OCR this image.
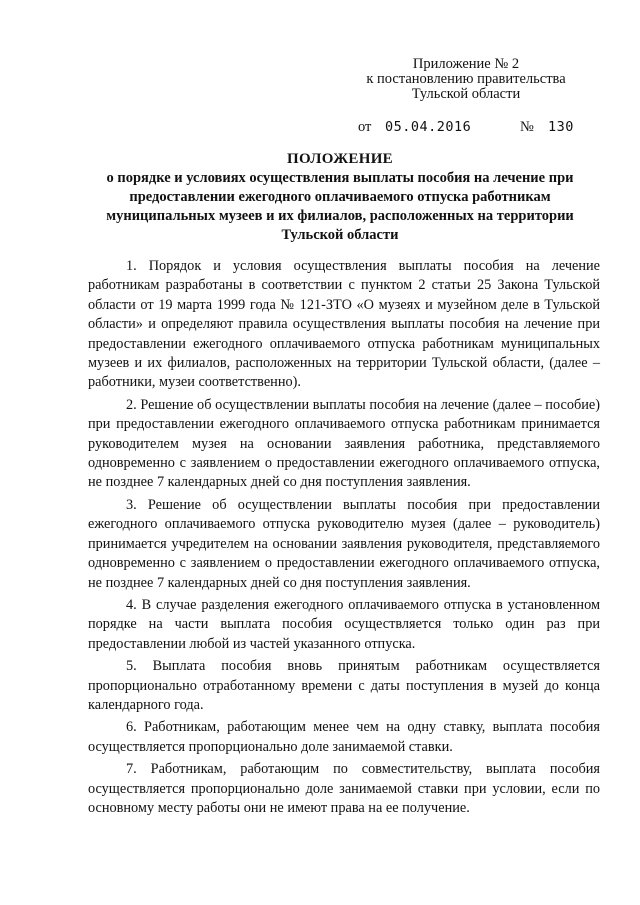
Приложение № 2
к постановлению правительства
Тульской области
от 05.04.2016	№ 130
ПОЛОЖЕНИЕ
о порядке и условиях осуществления выплаты пособия на лечение при
предоставлении ежегодного оплачиваемого отпуска работникам
муниципальных музеев и их филиалов, расположенных на территории
Тульской области

1. Порядок и условия осуществления выплаты пособия на лечение работникам разработаны в соответствии с пунктом 2 статьи 25 Закона Тульской области от 19 марта 1999 года № 121-ЗТО «О музеях и музейном деле в Тульской области» и определяют правила осуществления выплаты пособия на лечение при предоставлении ежегодного оплачиваемого отпуска работникам муниципальных музеев и их филиалов, расположенных на территории Тульской области, (далее – работники, музеи соответственно).

2. Решение об осуществлении выплаты пособия на лечение (далее – пособие) при предоставлении ежегодного оплачиваемого отпуска работникам принимается руководителем музея на основании заявления работника, представляемого одновременно с заявлением о предоставлении ежегодного оплачиваемого отпуска, не позднее 7 календарных дней со дня поступления заявления.

3. Решение об осуществлении выплаты пособия при предоставлении ежегодного оплачиваемого отпуска руководителю музея (далее – руководитель) принимается учредителем на основании заявления руководителя, представляемого одновременно с заявлением о предоставлении ежегодного оплачиваемого отпуска, не позднее 7 календарных дней со дня поступления заявления.

4. В случае разделения ежегодного оплачиваемого отпуска в установленном порядке на части выплата пособия осуществляется только один раз при предоставлении любой из частей указанного отпуска.

5. Выплата пособия вновь принятым работникам осуществляется пропорционально отработанному времени с даты поступления в музей до конца календарного года.

6. Работникам, работающим менее чем на одну ставку, выплата пособия осуществляется пропорционально доле занимаемой ставки.

7. Работникам, работающим по совместительству, выплата пособия осуществляется пропорционально доле занимаемой ставки при условии, если по основному месту работы они не имеют права на ее получение.
